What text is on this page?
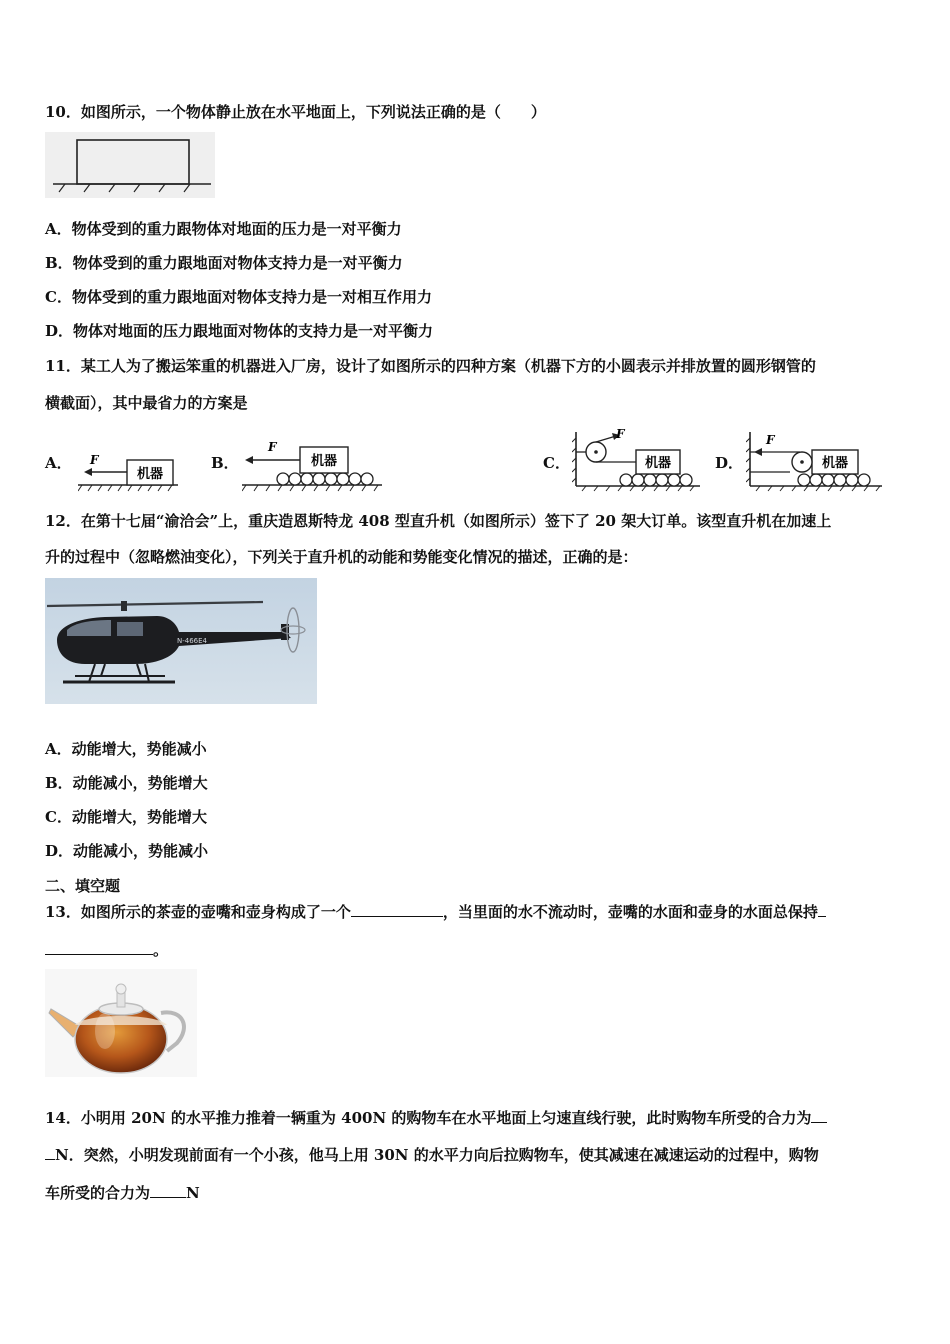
10．如图所示，一个物体静止放在水平地面上，下列说法正确的是（　　）
A．物体受到的重力跟物体对地面的压力是一对平衡力
B．物体受到的重力跟地面对物体支持力是一对平衡力
C．物体受到的重力跟地面对物体支持力是一对相互作用力
D．物体对地面的压力跟地面对物体的支持力是一对平衡力
11．某工人为了搬运笨重的机器进入厂房，设计了如图所示的四种方案（机器下方的小圆表示并排放置的圆形钢管的
横截面），其中最省力的方案是
A．
机器
F	B．	机器
F
C．
F
机器	D．
F
机器
12．在第十七届“渝洽会”上，重庆造恩斯特龙 408 型直升机（如图所示）签下了 20 架大订单。该型直升机在加速上
升的过程中（忽略燃油变化），下列关于直升机的动能和势能变化情况的描述，正确的是：
N-466E4
A．动能增大，势能减小
B．动能减小，势能增大
C．动能增大，势能增大
D．动能减小，势能减小
二、填空题
13．如图所示的茶壶的壶嘴和壶身构成了一个	，当里面的水不流动时，壶嘴的水面和壶身的水面总保持
。
14．小明用 20N 的水平推力推着一辆重为 400N 的购物车在水平地面上匀速直线行驶，此时购物车所受的合力为
N．突然，小明发现前面有一个小孩，他马上用 30N 的水平力向后拉购物车，使其减速在减速运动的过程中，购物
车所受的合力为 N
